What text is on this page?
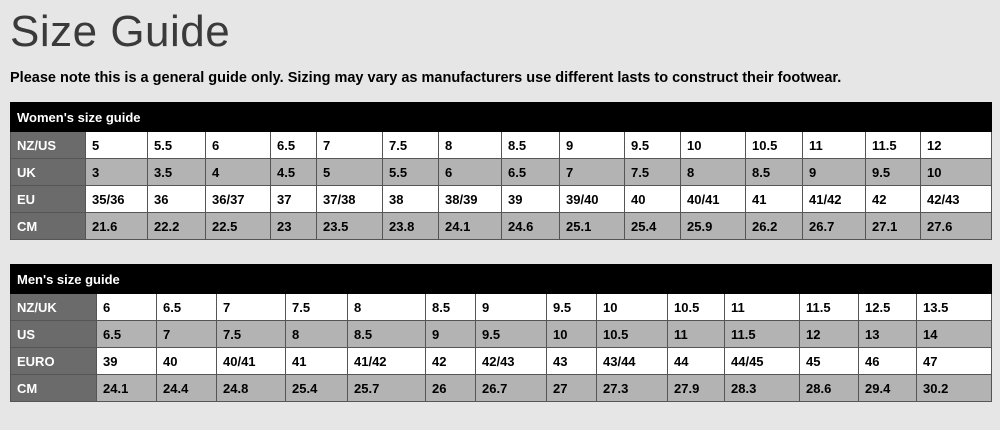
Size Guide
Please note this is a general guide only. Sizing may vary as manufacturers use different lasts to construct their footwear.
Women's size guide															
NZ/US	5	5.5	6	6.5	7	7.5	8	8.5	9	9.5	10	10.5	11	11.5	12
UK	3	3.5	4	4.5	5	5.5	6	6.5	7	7.5	8	8.5	9	9.5	10
EU	35/36	36	36/37	37	37/38	38	38/39	39	39/40	40	40/41	41	41/42	42	42/43
CM	21.6	22.2	22.5	23	23.5	23.8	24.1	24.6	25.1	25.4	25.9	26.2	26.7	27.1	27.6
Men's size guide														
NZ/UK	6	6.5	7	7.5	8	8.5	9	9.5	10	10.5	11	11.5	12.5	13.5
US	6.5	7	7.5	8	8.5	9	9.5	10	10.5	11	11.5	12	13	14
EURO	39	40	40/41	41	41/42	42	42/43	43	43/44	44	44/45	45	46	47
CM	24.1	24.4	24.8	25.4	25.7	26	26.7	27	27.3	27.9	28.3	28.6	29.4	30.2
